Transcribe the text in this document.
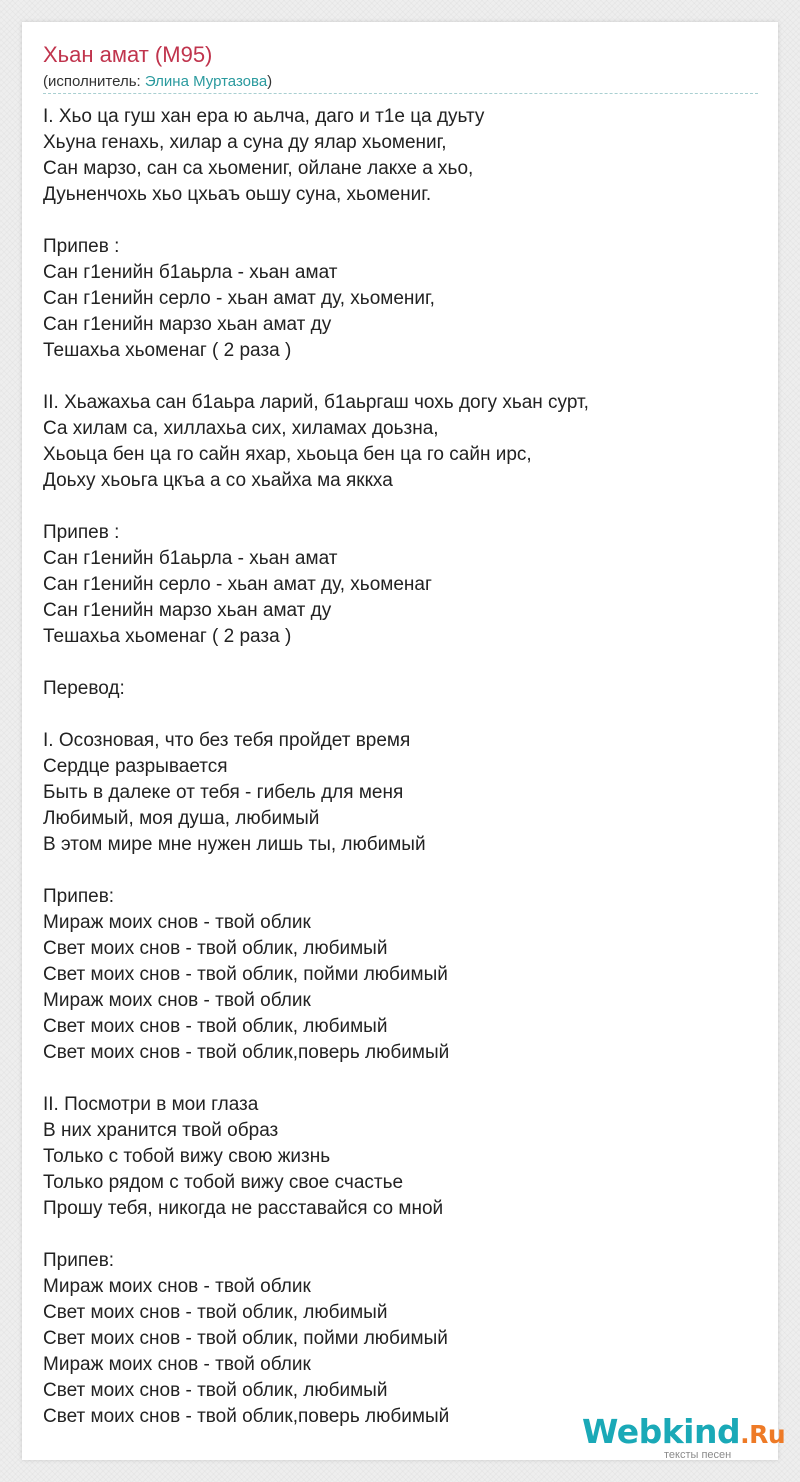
Хьан амат (M95)
(исполнитель: Элина Муртазова)
I. Хьо ца гуш хан ера ю аьлча, даго и т1е ца дуьту
Хьуна генахь, хилар а суна ду ялар хьомениг,
Сан марзо, сан са хьомениг, ойлане лакхе а хьо,
Дуьненчохь хьо цхьаъ оьшу суна, хьомениг.
Припев :
Сан г1енийн б1аьрла - хьан амат
Сан г1енийн серло - хьан амат ду, хьомениг,
Сан г1енийн марзо хьан амат ду
Тешахьа хьоменаг ( 2 раза )
II. Хьажахьа сан б1аьра ларий, б1аьргаш чохь догу хьан сурт,
Са хилам са, хиллахьа сих, хиламах доьзна,
Хьоьца бен ца го сайн яхар, хьоьца бен ца го сайн ирс,
Доьху хьоьга цкъа а со хьайха ма яккха
Припев :
Сан г1енийн б1аьрла - хьан амат
Сан г1енийн серло - хьан амат ду, хьоменаг
Сан г1енийн марзо хьан амат ду
Тешахьа хьоменаг ( 2 раза )
Перевод:
I. Осозновая, что без тебя пройдет время
Сердце разрывается
Быть в далеке от тебя - гибель для меня
Любимый, моя душа, любимый
В этом мире мне нужен лишь ты, любимый
Припев:
Мираж моих снов - твой облик
Свет моих снов - твой облик, любимый
Свет моих снов - твой облик, пойми любимый
Мираж моих снов - твой облик
Свет моих снов - твой облик, любимый
Свет моих снов - твой облик,поверь любимый
II. Посмотри в мои глаза
В них хранится твой образ
Только с тобой вижу свою жизнь
Только рядом с тобой вижу свое счастье
Прошу тебя, никогда не расставайся со мной
Припев:
Мираж моих снов - твой облик
Свет моих снов - твой облик, любимый
Свет моих снов - твой облик, пойми любимый
Мираж моих снов - твой облик
Свет моих снов - твой облик, любимый
Свет моих снов - твой облик,поверь любимый	Webkind.Ru
тексты песен
